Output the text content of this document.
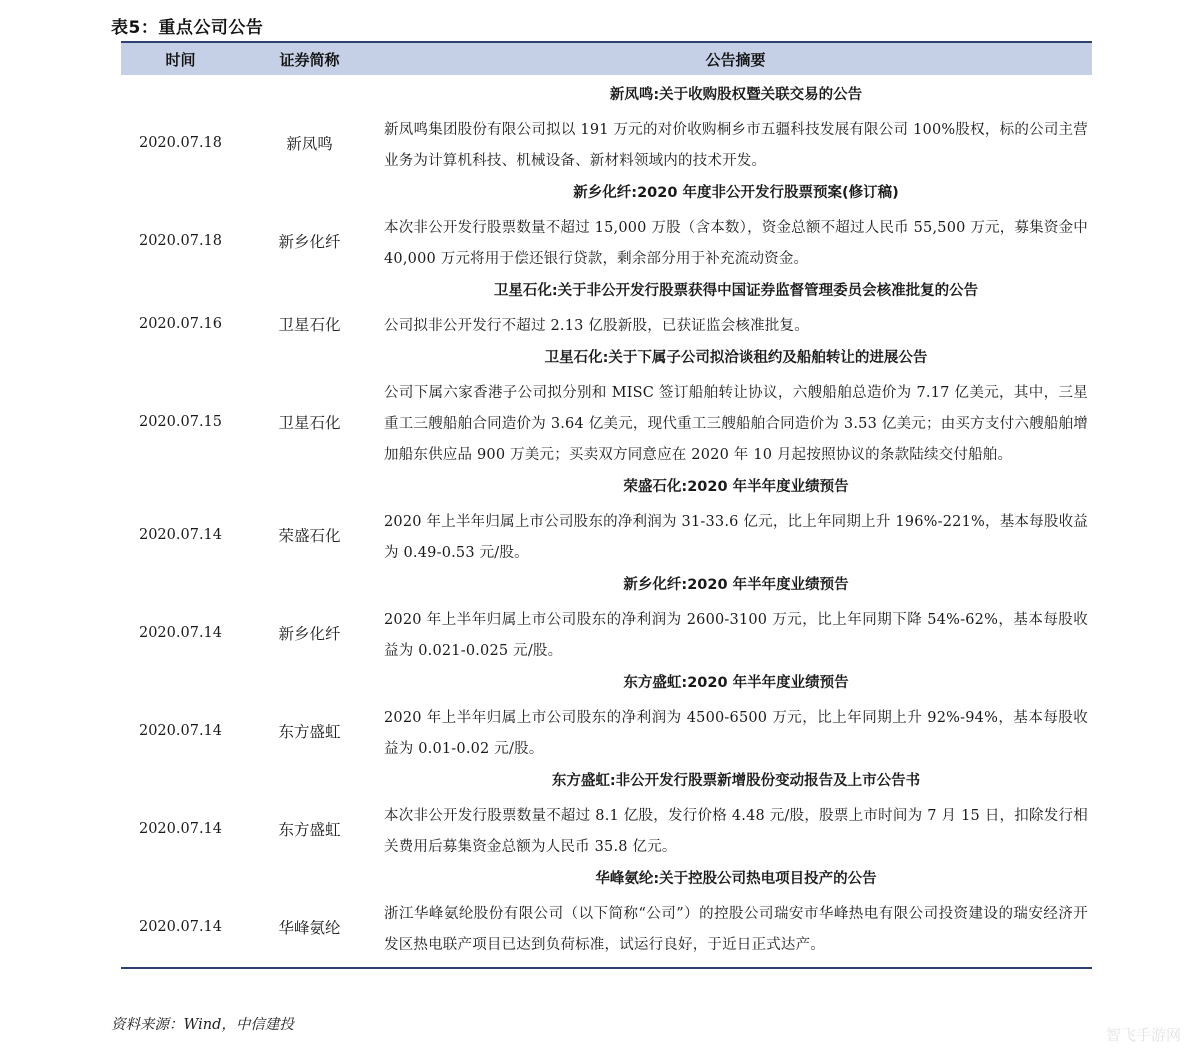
表5：重点公司公告
时间	证券简称	公告摘要
2020.07.18	新凤鸣
新凤鸣:关于收购股权暨关联交易的公告
新凤鸣集团股份有限公司拟以 191 万元的对价收购桐乡市五疆科技发展有限公司 100%股权，标的公司主营业务为计算机科技、机械设备、新材料领域内的技术开发。
2020.07.18	新乡化纤
新乡化纤:2020 年度非公开发行股票预案(修订稿)
本次非公开发行股票数量不超过 15,000 万股（含本数），资金总额不超过人民币 55,500 万元，募集资金中 40,000 万元将用于偿还银行贷款，剩余部分用于补充流动资金。
2020.07.16	卫星石化
卫星石化:关于非公开发行股票获得中国证券监督管理委员会核准批复的公告
公司拟非公开发行不超过 2.13 亿股新股，已获证监会核准批复。
2020.07.15	卫星石化
卫星石化:关于下属子公司拟洽谈租约及船舶转让的进展公告
公司下属六家香港子公司拟分别和 MISC 签订船舶转让协议，六艘船舶总造价为 7.17 亿美元，其中，三星重工三艘船舶合同造价为 3.64 亿美元，现代重工三艘船舶合同造价为 3.53 亿美元；由买方支付六艘船舶增加船东供应品 900 万美元；买卖双方同意应在 2020 年 10 月起按照协议的条款陆续交付船舶。
2020.07.14	荣盛石化
荣盛石化:2020 年半年度业绩预告
2020 年上半年归属上市公司股东的净利润为 31-33.6 亿元，比上年同期上升 196%-221%，基本每股收益为 0.49-0.53 元/股。
2020.07.14	新乡化纤
新乡化纤:2020 年半年度业绩预告
2020 年上半年归属上市公司股东的净利润为 2600-3100 万元，比上年同期下降 54%-62%，基本每股收益为 0.021-0.025 元/股。
2020.07.14	东方盛虹
东方盛虹:2020 年半年度业绩预告
2020 年上半年归属上市公司股东的净利润为 4500-6500 万元，比上年同期上升 92%-94%，基本每股收益为 0.01-0.02 元/股。
2020.07.14	东方盛虹
东方盛虹:非公开发行股票新增股份变动报告及上市公告书
本次非公开发行股票数量不超过 8.1 亿股，发行价格 4.48 元/股，股票上市时间为 7 月 15 日，扣除发行相关费用后募集资金总额为人民币 35.8 亿元。
2020.07.14	华峰氨纶
华峰氨纶:关于控股公司热电项目投产的公告
浙江华峰氨纶股份有限公司（以下简称“公司”）的控股公司瑞安市华峰热电有限公司投资建设的瑞安经济开发区热电联产项目已达到负荷标准，试运行良好，于近日正式达产。
资料来源：Wind，中信建投
智飞手游网
